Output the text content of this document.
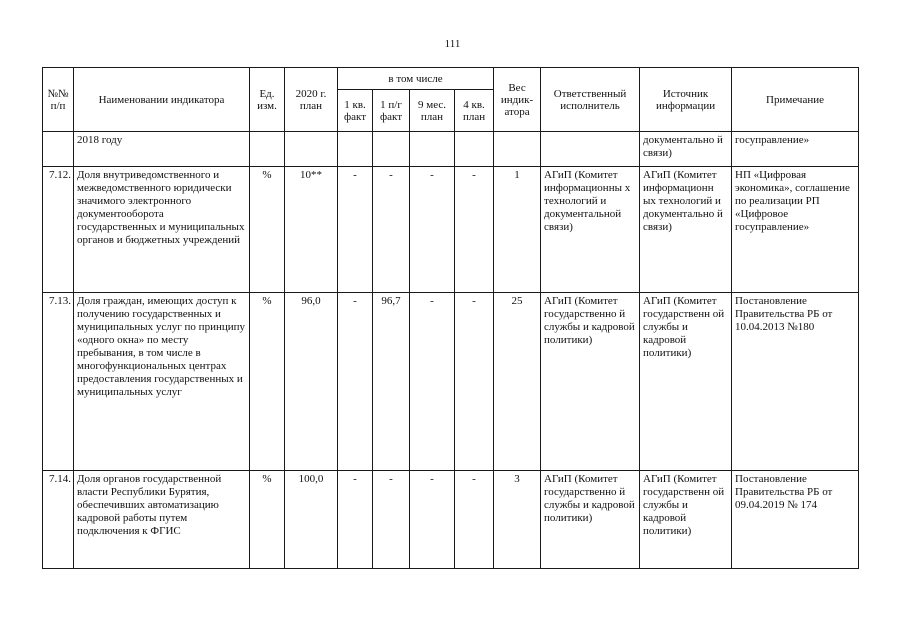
111
№№ п/п	Наименовании индикатора	Ед. изм.	2020 г. план	в том числе				Вес индик-атора	Ответственный исполнитель	Источник информации	Примечание
				1 кв. факт	1 п/г факт	9 мес. план	4 кв. план				
	2018 году									документально й связи)	госуправление»
7.12.	Доля внутриведомственного и межведомственного юридически значимого электронного документооборота государственных и муниципальных органов и бюджетных учреждений	%	10**	-	-	-	-	1	АГиП (Комитет информационны х технологий и документальной связи)	АГиП (Комитет информационн ых технологий и документально й связи)	НП «Цифровая экономика», соглашение по реализации РП «Цифровое госуправление»
7.13.	Доля граждан, имеющих доступ к получению государственных и муниципальных услуг по принципу «одного окна» по месту пребывания, в том числе в многофункциональных центрах предоставления государственных и муниципальных услуг	%	96,0	-	96,7	-	-	25	АГиП (Комитет государственно й службы и кадровой политики)	АГиП (Комитет государственн ой службы и кадровой политики)	Постановление Правительства РБ от 10.04.2013 №180
7.14.	Доля органов государственной власти Республики Бурятия, обеспечивших автоматизацию кадровой работы путем подключения к ФГИС	%	100,0	-	-	-	-	3	АГиП (Комитет государственно й службы и кадровой политики)	АГиП (Комитет государственн ой службы и кадровой политики)	Постановление Правительства РБ от 09.04.2019 № 174
